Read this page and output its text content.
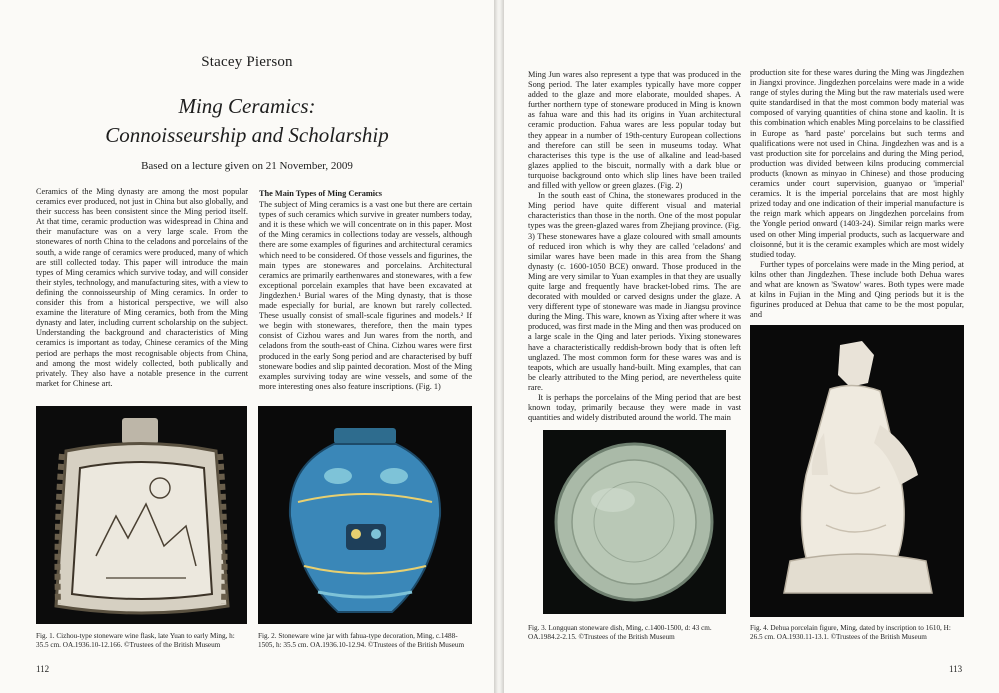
Stacey Pierson
Ming Ceramics:
Connoisseurship and Scholarship
Based on a lecture given on 21 November, 2009

Ceramics of the Ming dynasty are among the most popular ceramics ever produced, not just in China but also globally, and their success has been consistent since the Ming period itself. At that time, ceramic production was widespread in China and their manufacture was on a very large scale. From the stonewares of north China to the celadons and porcelains of the south, a wide range of ceramics were produced, many of which are still collected today. This paper will introduce the main types of Ming ceramics which survive today, and will consider their styles, technology, and manufacturing sites, with a view to defining the connoisseurship of Ming ceramics. In order to consider this from a historical perspective, we will also examine the literature of Ming ceramics, both from the Ming dynasty and later, including current scholarship on the subject. Understanding the background and characteristics of Ming ceramics is important as today, Chinese ceramics of the Ming period are perhaps the most recognisable objects from China, and among the most widely collected, both publically and privately. They also have a notable presence in the current market for Chinese art.

The Main Types of Ming Ceramics

The subject of Ming ceramics is a vast one but there are certain types of such ceramics which survive in greater numbers today, and it is these which we will concentrate on in this paper. Most of the Ming ceramics in collections today are vessels, although there are some examples of figurines and architectural ceramics which need to be considered. Of those vessels and figurines, the main types are stonewares and porcelains. Architectural ceramics are primarily earthenwares and stonewares, with a few exceptional porcelain examples that have been excavated at Jingdezhen.¹ Burial wares of the Ming dynasty, that is those made especially for burial, are known but rarely collected. These usually consist of small-scale figurines and models.² If we begin with stonewares, therefore, then the main types consist of Cizhou wares and Jun wares from the north, and celadons from the south-east of China. Cizhou wares were first produced in the early Song period and are characterised by buff stoneware bodies and slip painted decoration. Most of the Ming examples surviving today are wine vessels, and some of the more interesting ones also feature inscriptions. (Fig. 1)

Fig. 1. Cizhou-type stoneware wine flask, late Yuan to early Ming, h: 35.5 cm. OA.1936.10-12.166. ©Trustees of the British Museum
Fig. 2. Stoneware wine jar with fahua-type decoration, Ming, c.1488-1505, h: 35.5 cm. OA.1936.10-12.94. ©Trustees of the British Museum
112

Ming Jun wares also represent a type that was produced in the Song period. The later examples typically have more copper added to the glaze and more elaborate, moulded shapes. A further northern type of stoneware produced in Ming is known as fahua ware and this had its origins in Yuan architectural ceramic production. Fahua wares are less popular today but they appear in a number of 19th-century European collections and therefore can still be seen in museums today. What characterises this type is the use of alkaline and lead-based glazes applied to the biscuit, normally with a dark blue or turquoise background onto which slip lines have been trailed and filled with yellow or green glazes. (Fig. 2)

In the south east of China, the stonewares produced in the Ming period have quite different visual and material characteristics than those in the north. One of the most popular types was the green-glazed wares from Zhejiang province. (Fig. 3) These stonewares have a glaze coloured with small amounts of reduced iron which is why they are called 'celadons' and similar wares have been made in this area from the Shang dynasty (c. 1600-1050 BCE) onward. Those produced in the Ming are very similar to Yuan examples in that they are usually quite large and frequently have bracket-lobed rims. The are decorated with moulded or carved designs under the glaze. A very different type of stoneware was made in Jiangsu province during the Ming. This ware, known as Yixing after where it was produced, was first made in the Ming and then was produced on a large scale in the Qing and later periods. Yixing stonewares have a characteristically reddish-brown body that is often left unglazed. The most common form for these wares was and is teapots, which are usually hand-built. Ming examples, that can be clearly attributed to the Ming period, are nevertheless quite rare.

It is perhaps the porcelains of the Ming period that are best known today, primarily because they were made in vast quantities and widely distributed around the world. The main

production site for these wares during the Ming was Jingdezhen in Jiangxi province. Jingdezhen porcelains were made in a wide range of styles during the Ming but the raw materials used were quite standardised in that the most common body material was composed of varying quantities of china stone and kaolin. It is this combination which enables Ming porcelains to be classified in Europe as 'hard paste' porcelains but such terms and qualifications were not used in China. Jingdezhen was and is a vast production site for porcelains and during the Ming period, production was divided between kilns producing commercial products (known as minyao in Chinese) and those producing ceramics under court supervision, guanyao or 'imperial' ceramics. It is the imperial porcelains that are most highly prized today and one indication of their imperial manufacture is the reign mark which appears on Jingdezhen porcelains from the Yongle period onward (1403-24). Similar reign marks were used on other Ming imperial products, such as lacquerware and cloisonné, but it is the ceramic examples which are most widely studied today.

Further types of porcelains were made in the Ming period, at kilns other than Jingdezhen. These include both Dehua wares and what are known as 'Swatow' wares. Both types were made at kilns in Fujian in the Ming and Qing periods but it is the figurines produced at Dehua that came to be the most popular, and

Fig. 3. Longquan stoneware dish, Ming, c.1400-1500, d: 43 cm. OA.1984.2-2.15. ©Trustees of the British Museum
Fig. 4. Dehua porcelain figure, Ming, dated by inscription to 1610, H: 26.5 cm. OA.1930.11-13.1. ©Trustees of the British Museum
113
